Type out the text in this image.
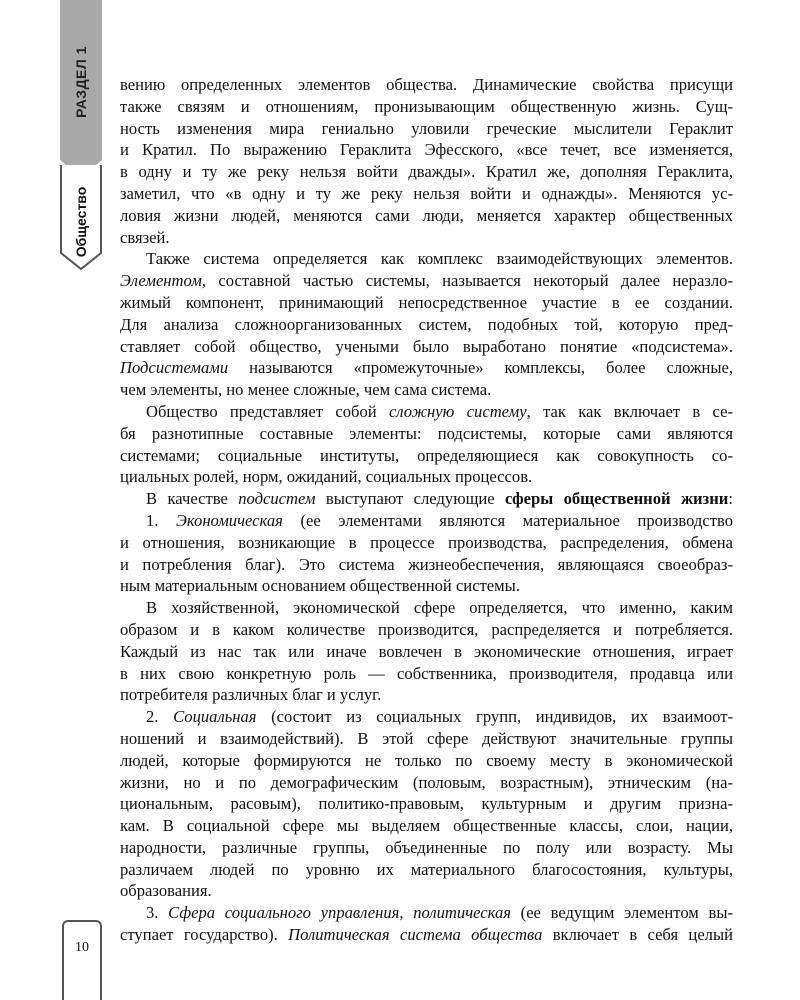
РАЗДЕЛ 1
Общество
вению определенных элементов общества. Динамические свойства присущи
также связям и отношениям, пронизывающим общественную жизнь. Сущ-
ность изменения мира гениально уловили греческие мыслители Гераклит
и Кратил. По выражению Гераклита Эфесского, «все течет, все изменяется,
в одну и ту же реку нельзя войти дважды». Кратил же, дополняя Гераклита,
заметил, что «в одну и ту же реку нельзя войти и однажды». Меняются ус-
ловия жизни людей, меняются сами люди, меняется характер общественных
связей.
Также система определяется как комплекс взаимодействующих элементов.
Элементом, составной частью системы, называется некоторый далее неразло-
жимый компонент, принимающий непосредственное участие в ее создании.
Для анализа сложноорганизованных систем, подобных той, которую пред-
ставляет собой общество, учеными было выработано понятие «подсистема».
Подсистемами называются «промежуточные» комплексы, более сложные,
чем элементы, но менее сложные, чем сама система.
Общество представляет собой сложную систему, так как включает в се-
бя разнотипные составные элементы: подсистемы, которые сами являются
системами; социальные институты, определяющиеся как совокупность со-
циальных ролей, норм, ожиданий, социальных процессов.
В качестве подсистем выступают следующие сферы общественной жизни:
1. Экономическая (ее элементами являются материальное производство
и отношения, возникающие в процессе производства, распределения, обмена
и потребления благ). Это система жизнеобеспечения, являющаяся своеобраз-
ным материальным основанием общественной системы.
В хозяйственной, экономической сфере определяется, что именно, каким
образом и в каком количестве производится, распределяется и потребляется.
Каждый из нас так или иначе вовлечен в экономические отношения, играет
в них свою конкретную роль — собственника, производителя, продавца или
потребителя различных благ и услуг.
2. Социальная (состоит из социальных групп, индивидов, их взаимоот-
ношений и взаимодействий). В этой сфере действуют значительные группы
людей, которые формируются не только по своему месту в экономической
жизни, но и по демографическим (половым, возрастным), этническим (на-
циональным, расовым), политико-правовым, культурным и другим призна-
кам. В социальной сфере мы выделяем общественные классы, слои, нации,
народности, различные группы, объединенные по полу или возрасту. Мы
различаем людей по уровню их материального благосостояния, культуры,
образования.
3. Сфера социального управления, политическая (ее ведущим элементом вы-
ступает государство). Политическая система общества включает в себя целый
10
